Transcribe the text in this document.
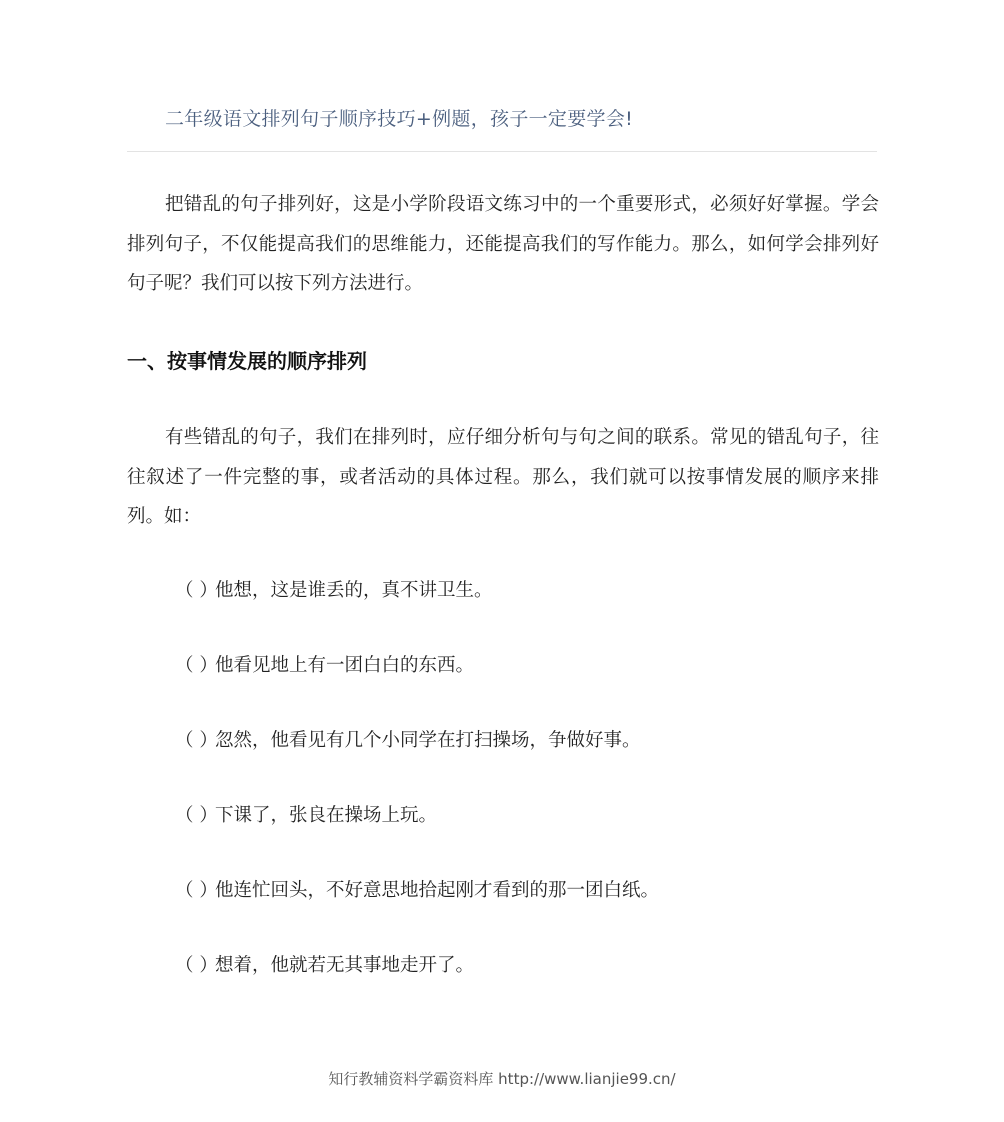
二年级语文排列句子顺序技巧+例题，孩子一定要学会!

把错乱的句子排列好，这是小学阶段语文练习中的一个重要形式，必须好好掌握。学会排列句子，不仅能提高我们的思维能力，还能提高我们的写作能力。那么，如何学会排列好句子呢？我们可以按下列方法进行。

一、按事情发展的顺序排列

有些错乱的句子，我们在排列时，应仔细分析句与句之间的联系。常见的错乱句子，往往叙述了一件完整的事，或者活动的具体过程。那么，我们就可以按事情发展的顺序来排列。如：

（ ）他想，这是谁丢的，真不讲卫生。
（ ）他看见地上有一团白白的东西。
（ ）忽然，他看见有几个小同学在打扫操场，争做好事。
（ ）下课了，张良在操场上玩。
（ ）他连忙回头，不好意思地拾起刚才看到的那一团白纸。
（ ）想着，他就若无其事地走开了。
知行教辅资料学霸资料库 http://www.lianjie99.cn/
